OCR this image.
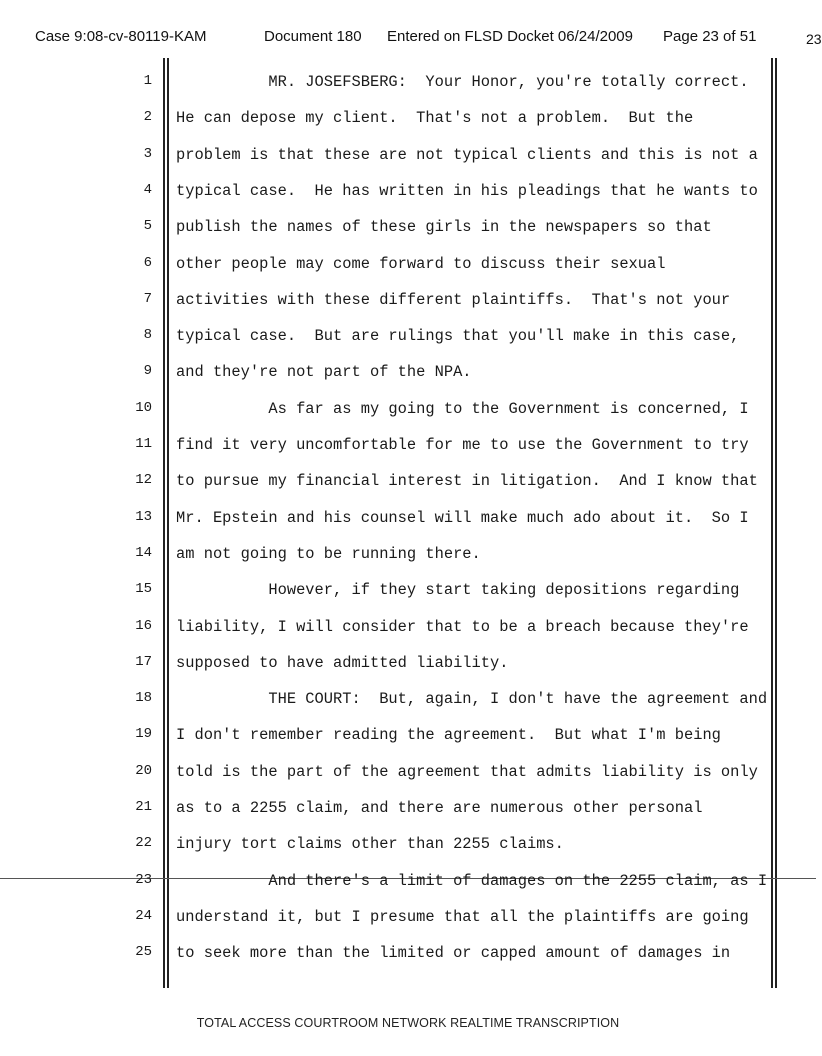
Case 9:08-cv-80119-KAM	Document 180 Entered on FLSD Docket 06/24/2009 Page 23 of 51	23
1 MR. JOSEFSBERG:  Your Honor, you're totally correct.
2 He can depose my client.  That's not a problem.  But the
3 problem is that these are not typical clients and this is not a
4 typical case.  He has written in his pleadings that he wants to
5 publish the names of these girls in the newspapers so that
6 other people may come forward to discuss their sexual
7 activities with these different plaintiffs.  That's not your
8 typical case.  But are rulings that you'll make in this case,
9 and they're not part of the NPA.
10 As far as my going to the Government is concerned, I
11 find it very uncomfortable for me to use the Government to try
12 to pursue my financial interest in litigation.  And I know that
13 Mr. Epstein and his counsel will make much ado about it.  So I
14 am not going to be running there.
15 However, if they start taking depositions regarding
16 liability, I will consider that to be a breach because they're
17 supposed to have admitted liability.
18 THE COURT:  But, again, I don't have the agreement and
19 I don't remember reading the agreement.  But what I'm being
20 told is the part of the agreement that admits liability is only
21 as to a 2255 claim, and there are numerous other personal
22 injury tort claims other than 2255 claims.
23 And there's a limit of damages on the 2255 claim, as I
24 understand it, but I presume that all the plaintiffs are going
25 to seek more than the limited or capped amount of damages in
TOTAL ACCESS COURTROOM NETWORK REALTIME TRANSCRIPTION
